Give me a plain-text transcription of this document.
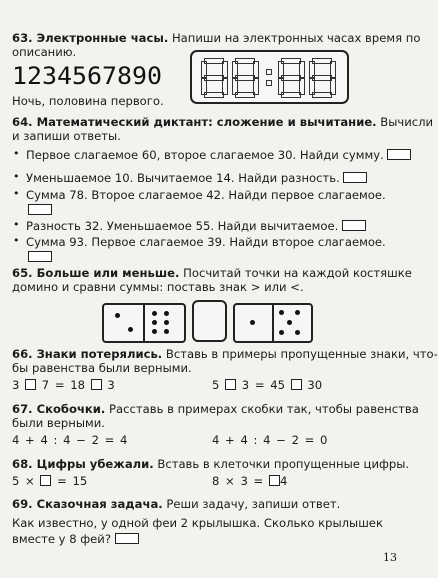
63. Электронные часы. Напиши на электронных часах время по
описанию.
1234567890
Ночь, половина первого.
64. Математический диктант: сложение и вычитание. Вычисли
и запиши ответы.
• Первое слагаемое 60, второе слагаемое 30. Найди сумму.
• Уменьшаемое 10. Вычитаемое 14. Найди разность.
• Сумма 78. Второе слагаемое 42. Найди первое слагаемое.
• Разность 32. Уменьшаемое 55. Найди вычитаемое.
• Сумма 93. Первое слагаемое 39. Найди второе слагаемое.
65. Больше или меньше. Посчитай точки на каждой костяшке
домино и сравни суммы: поставь знак > или <.
66. Знаки потерялись. Вставь в примеры пропущенные знаки, что-
бы равенства были верными.
3 7 = 18 3	5 3 = 45 30
67. Скобочки. Расставь в примерах скобки так, чтобы равенства
были верными.
4 + 4 : 4 − 2 = 4	4 + 4 : 4 − 2 = 0
68. Цифры убежали. Вставь в клеточки пропущенные цифры.
5 × = 15	8 × 3 = 4
69. Сказочная задача. Реши задачу, запиши ответ.
Как известно, у одной феи 2 крылышка. Сколько крылышек
вместе у 8 фей?
13
